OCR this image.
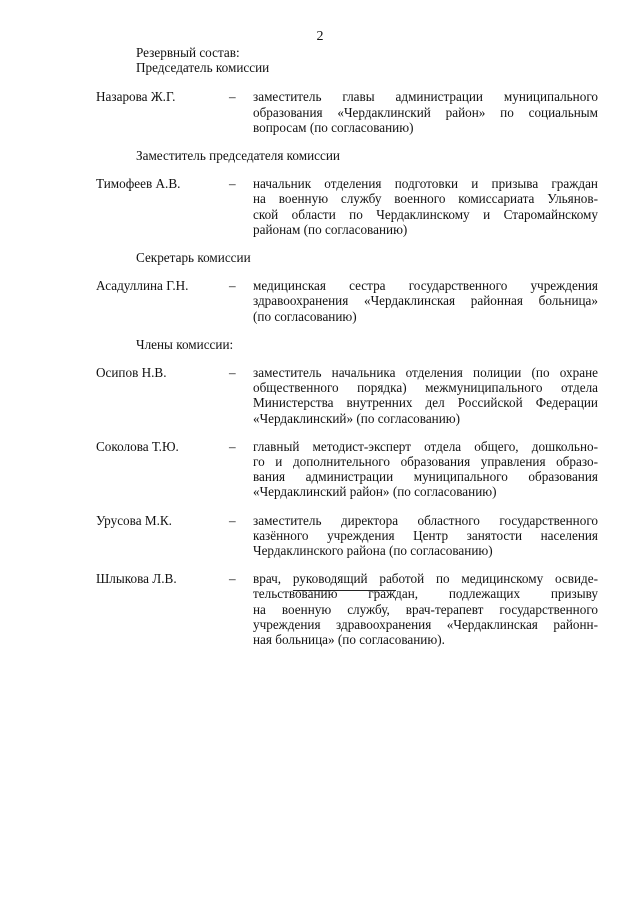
2
Резервный состав:
Председатель комиссии
Назарова Ж.Г.	–	заместитель главы администрации муниципального
образования «Чердаклинский район» по социальным
вопросам (по согласованию)
Заместитель председателя комиссии
Тимофеев А.В.	–	начальник отделения подготовки и призыва граждан
на военную службу военного комиссариата Ульянов-
ской области по Чердаклинскому и Старомайнскому
районам (по согласованию)
Секретарь комиссии
Асадуллина Г.Н.	–	медицинская сестра государственного учреждения
здравоохранения «Чердаклинская районная больница»
(по согласованию)
Члены комиссии:
Осипов Н.В.	–	заместитель начальника отделения полиции (по охране
общественного порядка) межмуниципального отдела
Министерства внутренних дел Российской Федерации
«Чердаклинский» (по согласованию)
Соколова Т.Ю.	–	главный методист-эксперт отдела общего, дошкольно-
го и дополнительного образования управления образо-
вания администрации муниципального образования
«Чердаклинский район» (по согласованию)
Урусова М.К.	–	заместитель директора областного государственного
казённого учреждения Центр занятости населения
Чердаклинского района (по согласованию)
Шлыкова Л.В.	–	врач, руководящий работой по медицинскому освиде-
тельствованию граждан, подлежащих призыву
на военную службу, врач-терапевт государственного
учреждения здравоохранения «Чердаклинская районн-
ная больница» (по согласованию).
